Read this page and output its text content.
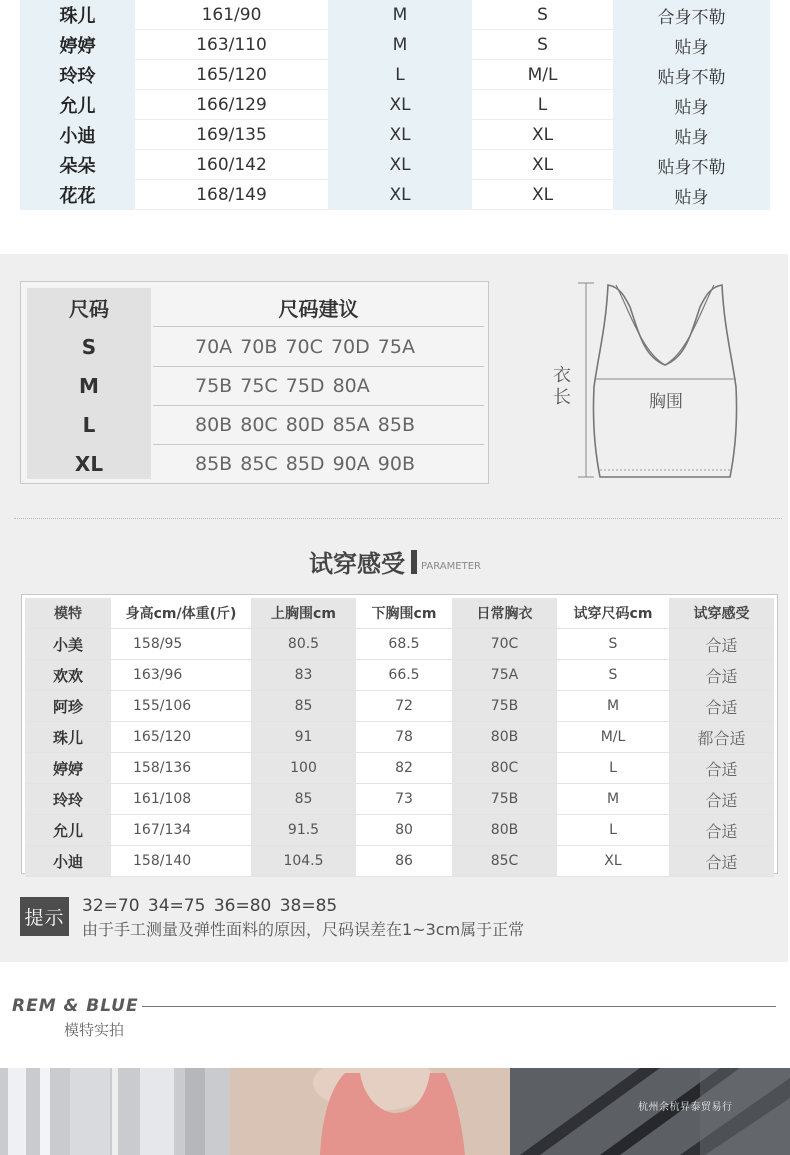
珠儿	161/90	M	S	合身不勒
婷婷	163/110	M	S	贴身
玲玲	165/120	L	M/L	贴身不勒
允儿	166/129	XL	L	贴身
小迪	169/135	XL	XL	贴身
朵朵	160/142	XL	XL	贴身不勒
花花	168/149	XL	XL	贴身
尺码	尺码建议
S	70A 70B 70C 70D 75A
M	75B 75C 75D 80A
L	80B 80C 80D 85A 85B
XL	85B 85C 85D 90A 90B
衣
长	胸围
试穿感受 $_{PARAMETER}$
模特	身高cm/体重(斤)	上胸围cm	下胸围cm	日常胸衣	试穿尺码cm	试穿感受
小美	158/95	80.5	68.5	70C	S	合适
欢欢	163/96	83	66.5	75A	S	合适
阿珍	155/106	85	72	75B	M	合适
珠儿	165/120	91	78	80B	M/L	都合适
婷婷	158/136	100	82	80C	L	合适
玲玲	161/108	85	73	75B	M	合适
允儿	167/134	91.5	80	80B	L	合适
小迪	158/140	104.5	86	85C	XL	合适
提示
32=70 34=75 36=80 38=85
由于手工测量及弹性面料的原因，尺码误差在1~3cm属于正常
REM & BLUE
模特实拍
杭州余杭昇泰贸易行
